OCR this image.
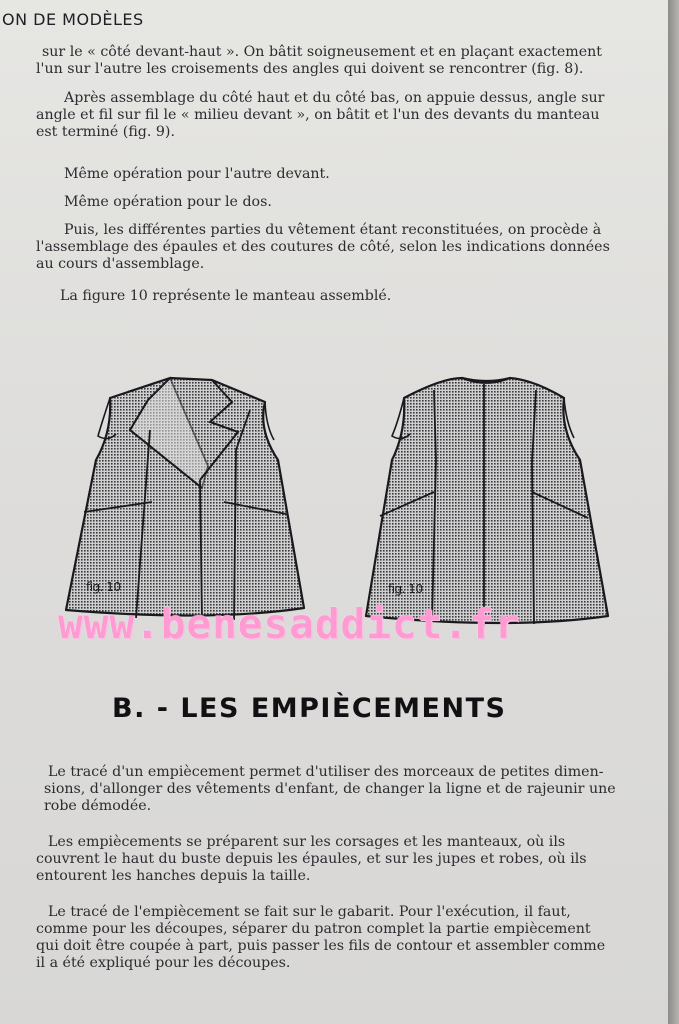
ON DE MODÈLES

sur le « côté devant-haut ». On bâtit soigneusement et en plaçant exactement
l'un sur l'autre les croisements des angles qui doivent se rencontrer (fig. 8).

Après assemblage du côté haut et du côté bas, on appuie dessus, angle sur
angle et fil sur fil le « milieu devant », on bâtit et l'un des devants du manteau
est terminé (fig. 9).

Même opération pour l'autre devant.

Même opération pour le dos.

Puis, les différentes parties du vêtement étant reconstituées, on procède à
l'assemblage des épaules et des coutures de côté, selon les indications données
au cours d'assemblage.

La figure 10 représente le manteau assemblé.

fig. 10	fig. 10
www.benesaddict.fr
B. - LES EMPIÈCEMENTS

Le tracé d'un empiècement permet d'utiliser des morceaux de petites dimen-
sions, d'allonger des vêtements d'enfant, de changer la ligne et de rajeunir une
robe démodée.

Les empiècements se préparent sur les corsages et les manteaux, où ils
couvrent le haut du buste depuis les épaules, et sur les jupes et robes, où ils
entourent les hanches depuis la taille.

Le tracé de l'empiècement se fait sur le gabarit. Pour l'exécution, il faut,
comme pour les découpes, séparer du patron complet la partie empiècement
qui doit être coupée à part, puis passer les fils de contour et assembler comme
il a été expliqué pour les découpes.
